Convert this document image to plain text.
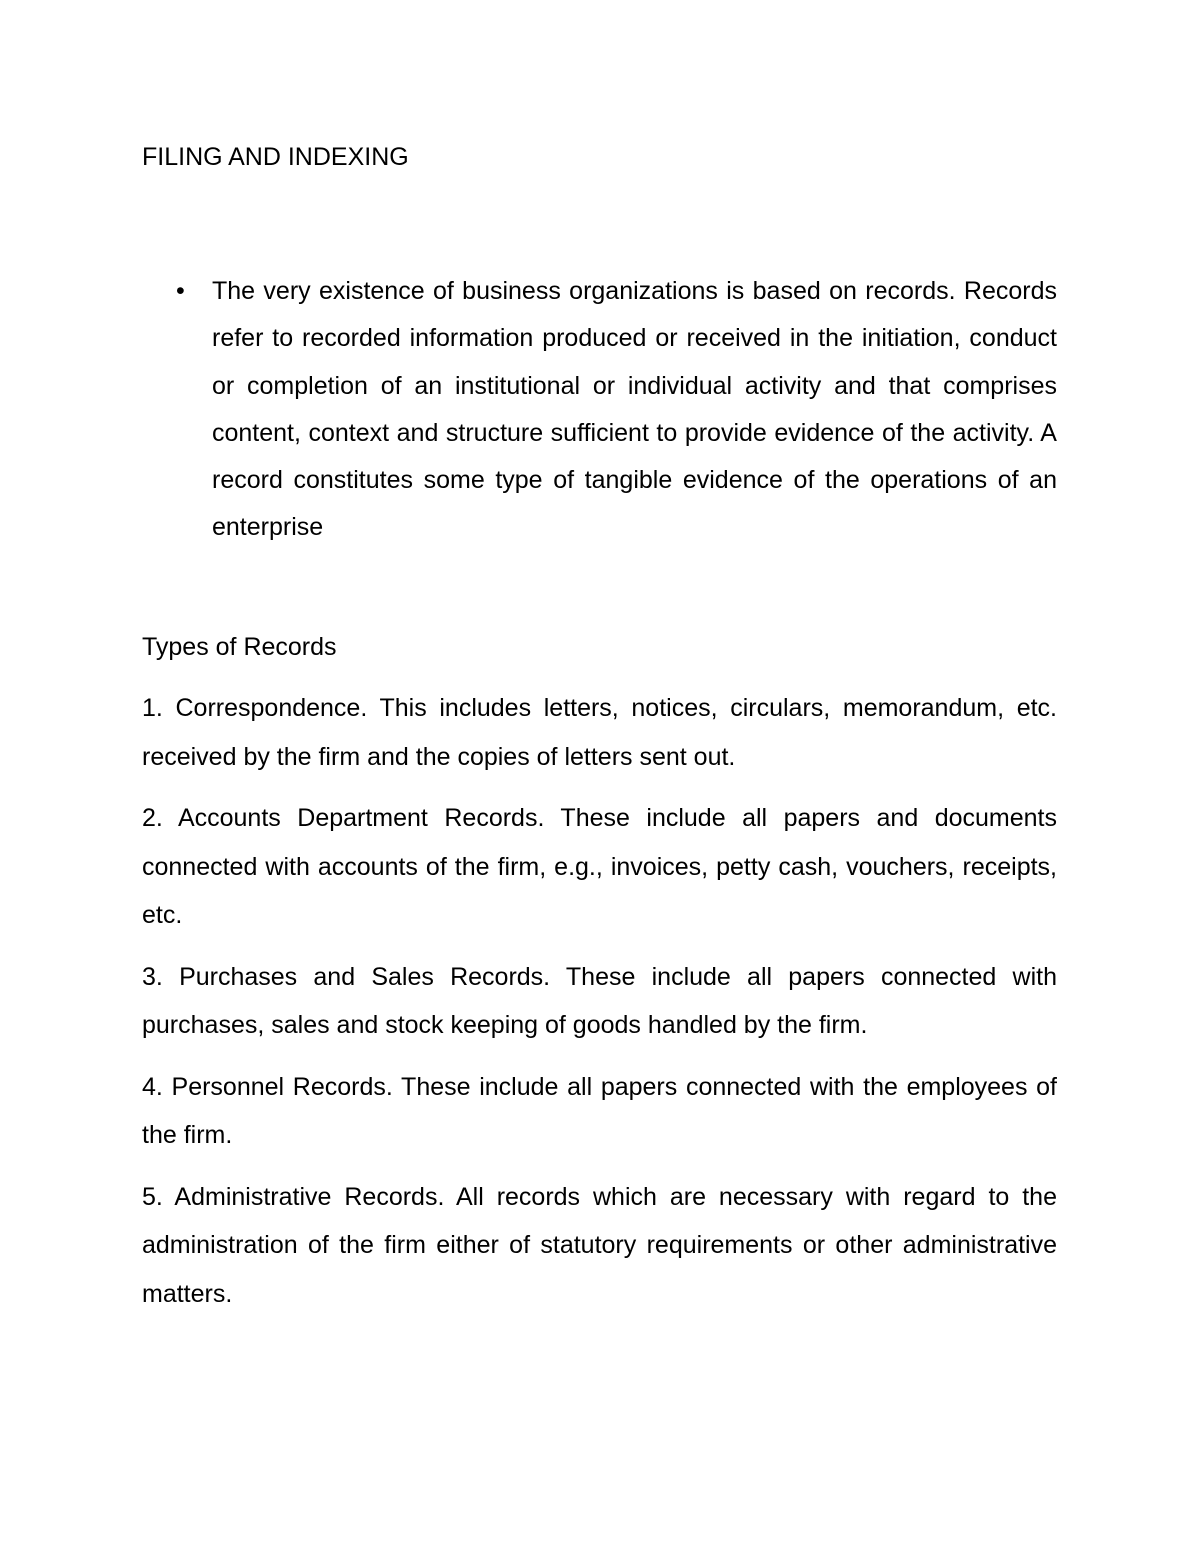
FILING AND INDEXING
• The very existence of business organizations is based on records. Records refer to recorded information produced or received in the initiation, conduct or completion of an institutional or individual activity and that comprises content, context and structure sufficient to provide evidence of the activity. A record constitutes some type of tangible evidence of the operations of an enterprise
Types of Records

1. Correspondence. This includes letters, notices, circulars, memorandum, etc. received by the firm and the copies of letters sent out.

2. Accounts Department Records. These include all papers and documents connected with accounts of the firm, e.g., invoices, petty cash, vouchers, receipts, etc.

3. Purchases and Sales Records. These include all papers connected with purchases, sales and stock keeping of goods handled by the firm.

4. Personnel Records. These include all papers connected with the employees of the firm.

5. Administrative Records. All records which are necessary with regard to the administration of the firm either of statutory requirements or other administrative matters.
